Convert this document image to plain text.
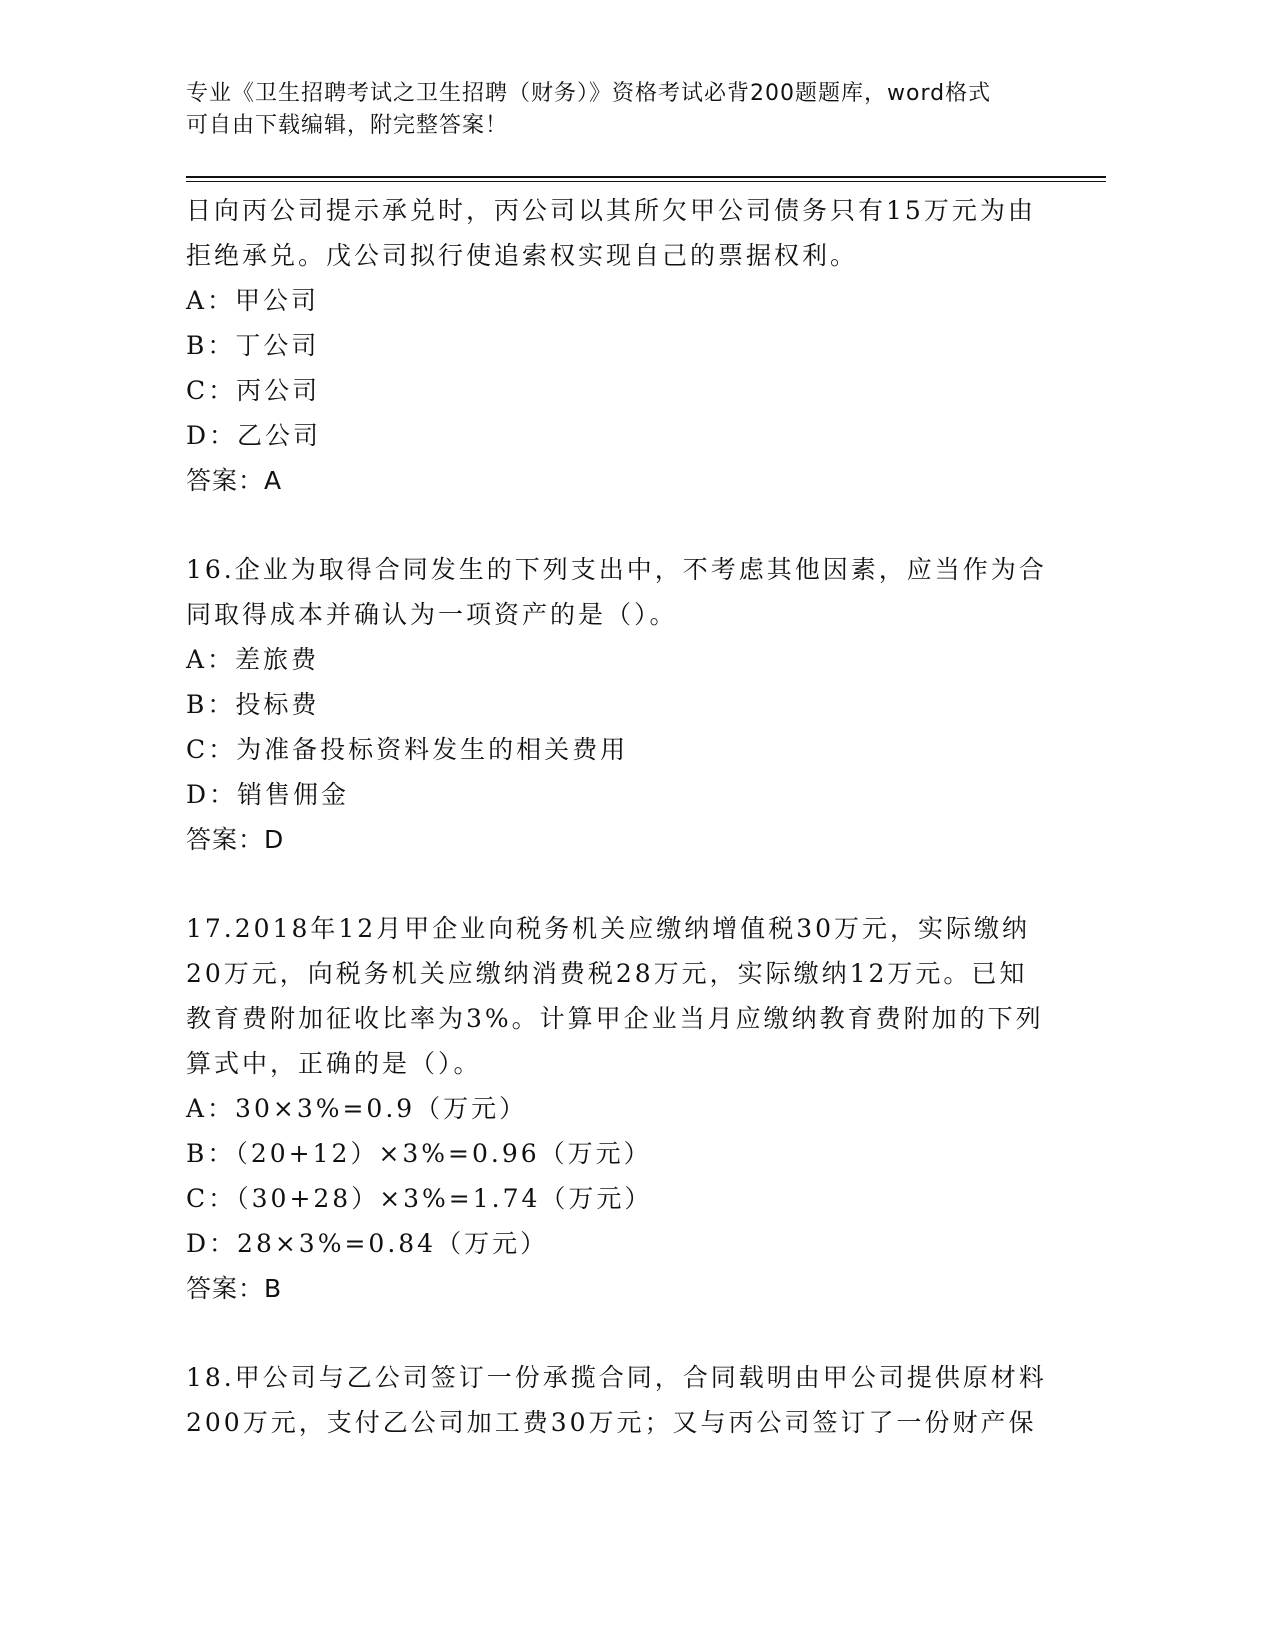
专业《卫生招聘考试之卫生招聘（财务）》资格考试必背200题题库，word格式
可自由下载编辑，附完整答案！
日向丙公司提示承兑时，丙公司以其所欠甲公司债务只有15万元为由
拒绝承兑。戊公司拟行使追索权实现自己的票据权利。
A：甲公司
B：丁公司
C：丙公司
D：乙公司
答案：A
16.企业为取得合同发生的下列支出中，不考虑其他因素，应当作为合
同取得成本并确认为一项资产的是（）。
A：差旅费
B：投标费
C：为准备投标资料发生的相关费用
D：销售佣金
答案：D
17.2018年12月甲企业向税务机关应缴纳增值税30万元，实际缴纳
20万元，向税务机关应缴纳消费税28万元，实际缴纳12万元。已知
教育费附加征收比率为3%。计算甲企业当月应缴纳教育费附加的下列
算式中，正确的是（）。
A：30×3%=0.9（万元）
B：（20+12）×3%=0.96（万元）
C：（30+28）×3%=1.74（万元）
D：28×3%=0.84（万元）
答案：B
18.甲公司与乙公司签订一份承揽合同，合同载明由甲公司提供原材料
200万元，支付乙公司加工费30万元；又与丙公司签订了一份财产保
